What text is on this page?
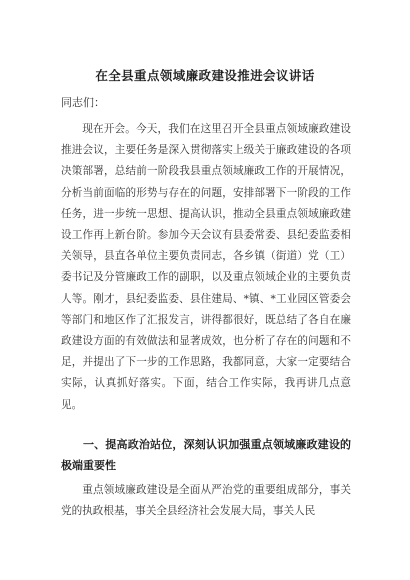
在全县重点领域廉政建设推进会议讲话
同志们：

现在开会。今天，我们在这里召开全县重点领域廉政建设推进会议，主要任务是深入贯彻落实上级关于廉政建设的各项决策部署，总结前一阶段我县重点领域廉政工作的开展情况，分析当前面临的形势与存在的问题，安排部署下一阶段的工作任务，进一步统一思想、提高认识，推动全县重点领域廉政建设工作再上新台阶。参加今天会议有县委常委、县纪委监委相关领导，县直各单位主要负责同志，各乡镇（街道）党（工）委书记及分管廉政工作的副职，以及重点领域企业的主要负责人等。刚才，县纪委监委、县住建局、*镇、*工业园区管委会等部门和地区作了汇报发言，讲得都很好，既总结了各自在廉政建设方面的有效做法和显著成效，也分析了存在的问题和不足，并提出了下一步的工作思路，我都同意，大家一定要结合实际，认真抓好落实。下面，结合工作实际，我再讲几点意见。

一、提高政治站位，深刻认识加强重点领域廉政建设的极端重要性

重点领域廉政建设是全面从严治党的重要组成部分，事关党的执政根基，事关全县经济社会发展大局，事关人民
